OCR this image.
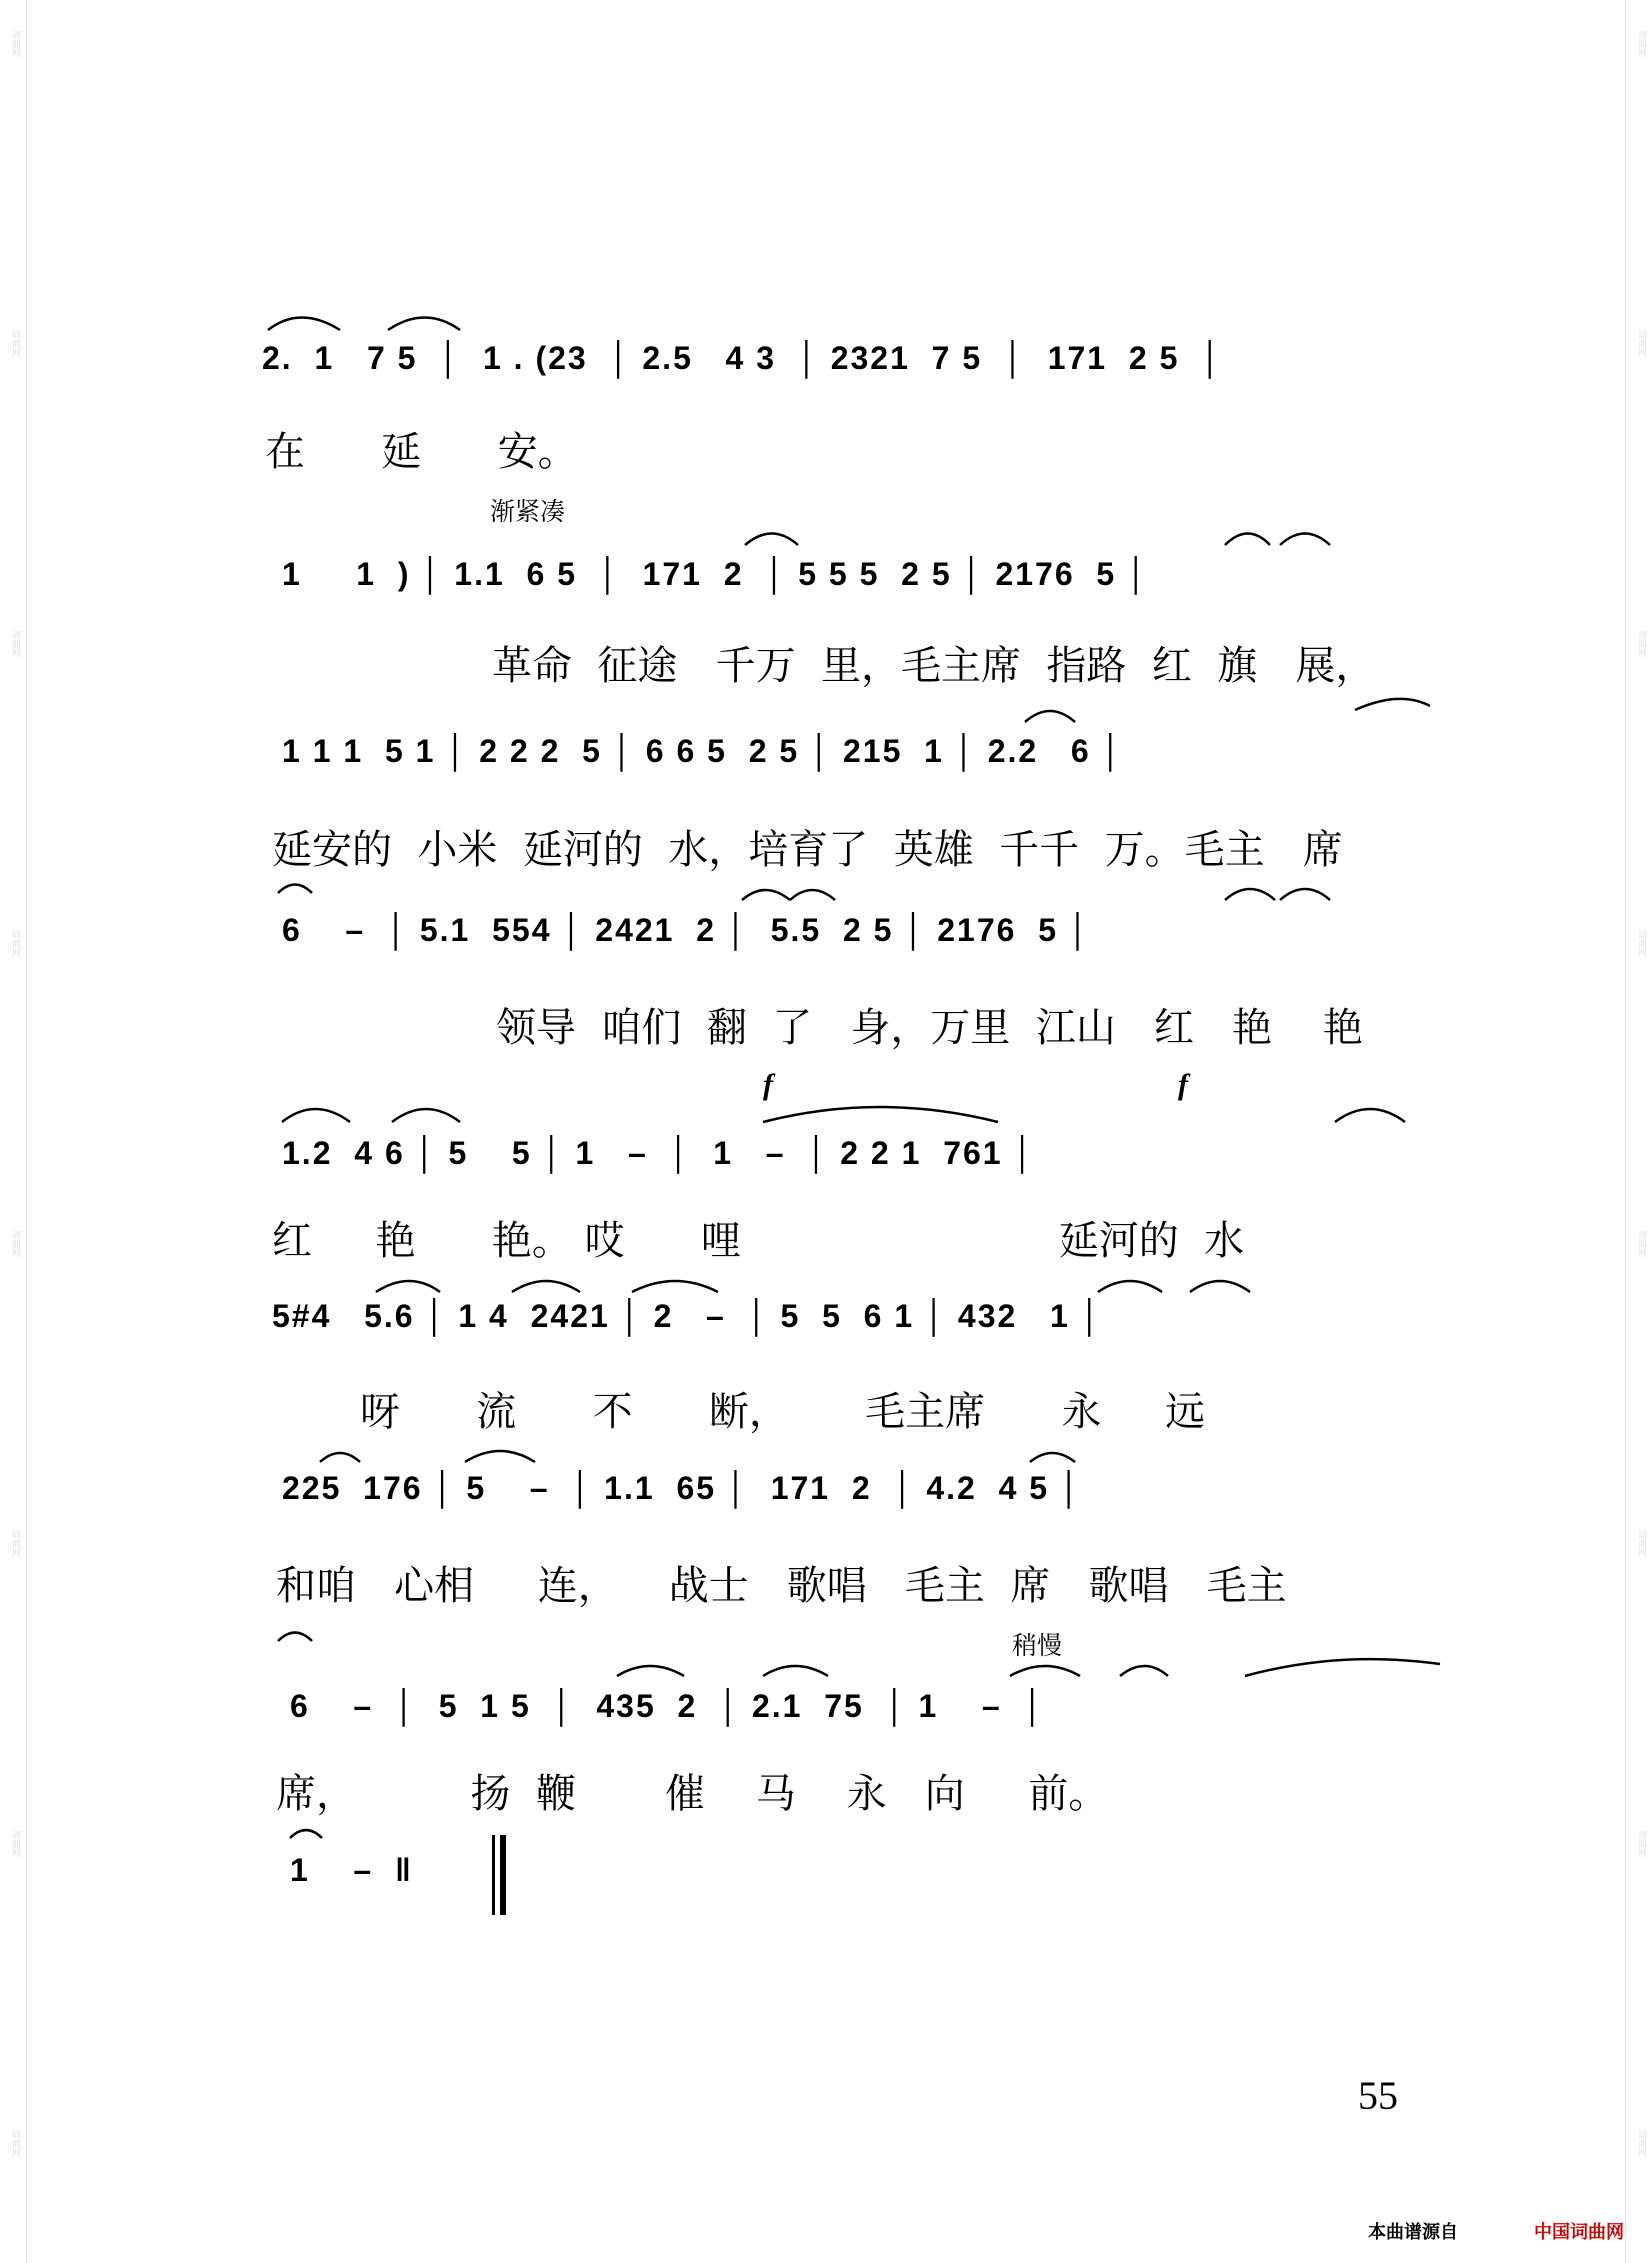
词曲网
词曲网
词曲网
词曲网
词曲网
词曲网
词曲网
词曲网
词曲网
词曲网
词曲网
词曲网
词曲网
词曲网
词曲网
词曲网
2.  1   7 5  │  1 . (23  │ 2.5   4 3  │ 2321  7 5  │  171  2 5  │
在      延      安。
渐紧凑
1     1  ) │ 1.1  6 5  │  171  2  │ 5 5 5  2 5 │ 2176  5 │
革命  征途   千万  里，毛主席  指路  红  旗   展，
1 1 1  5 1 │ 2 2 2  5 │ 6 6 5  2 5 │ 215  1 │ 2.2   6 │
延安的  小米  延河的  水，培育了  英雄  千千  万。毛主   席
6    –  │ 5.1  554 │ 2421  2 │  5.5  2 5 │ 2176  5 │
领导  咱们  翻  了   身，万里  江山   红   艳    艳
f	f
1.2  4 6 │ 5    5 │ 1   –  │  1   –  │ 2 2 1  761 │
红     艳      艳。 哎      哩                         延河的  水
5#4   5.6 │ 1 4  2421 │ 2   –  │ 5  5  6 1 │ 432   1 │
呀      流      不      断，      毛主席      永     远
225  176 │ 5    –  │ 1.1  65 │  171  2  │ 4.2  4 5 │
和咱   心相     连，    战士   歌唱   毛主  席   歌唱   毛主
稍慢
6    –  │  5  1 5  │  435  2  │ 2.1  75  │ 1    –  │
席，         扬  鞭       催    马    永   向     前。
1    –  ‖
55
本曲谱源自	中国词曲网
